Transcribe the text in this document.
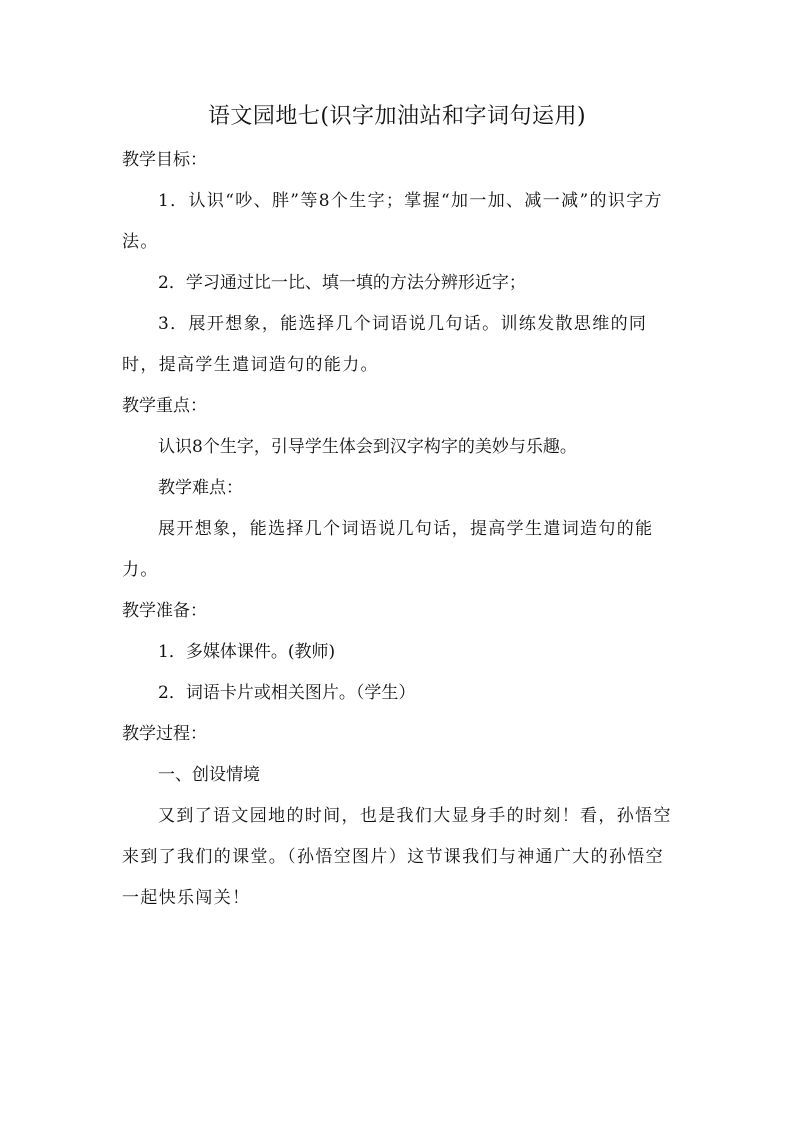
语文园地七(识字加油站和字词句运用)
教学目标：
1．认识“吵、胖”等8个生字；掌握“加一加、减一减”的识字方法。
2．学习通过比一比、填一填的方法分辨形近字；
3．展开想象，能选择几个词语说几句话。训练发散思维的同时，提高学生遣词造句的能力。
教学重点：
认识8个生字，引导学生体会到汉字构字的美妙与乐趣。
教学难点：
展开想象，能选择几个词语说几句话，提高学生遣词造句的能力。
教学准备：
1．多媒体课件。(教师)
2．词语卡片或相关图片。（学生）
教学过程：
一、创设情境
又到了语文园地的时间，也是我们大显身手的时刻！看，孙悟空来到了我们的课堂。（孙悟空图片）这节课我们与神通广大的孙悟空一起快乐闯关！
